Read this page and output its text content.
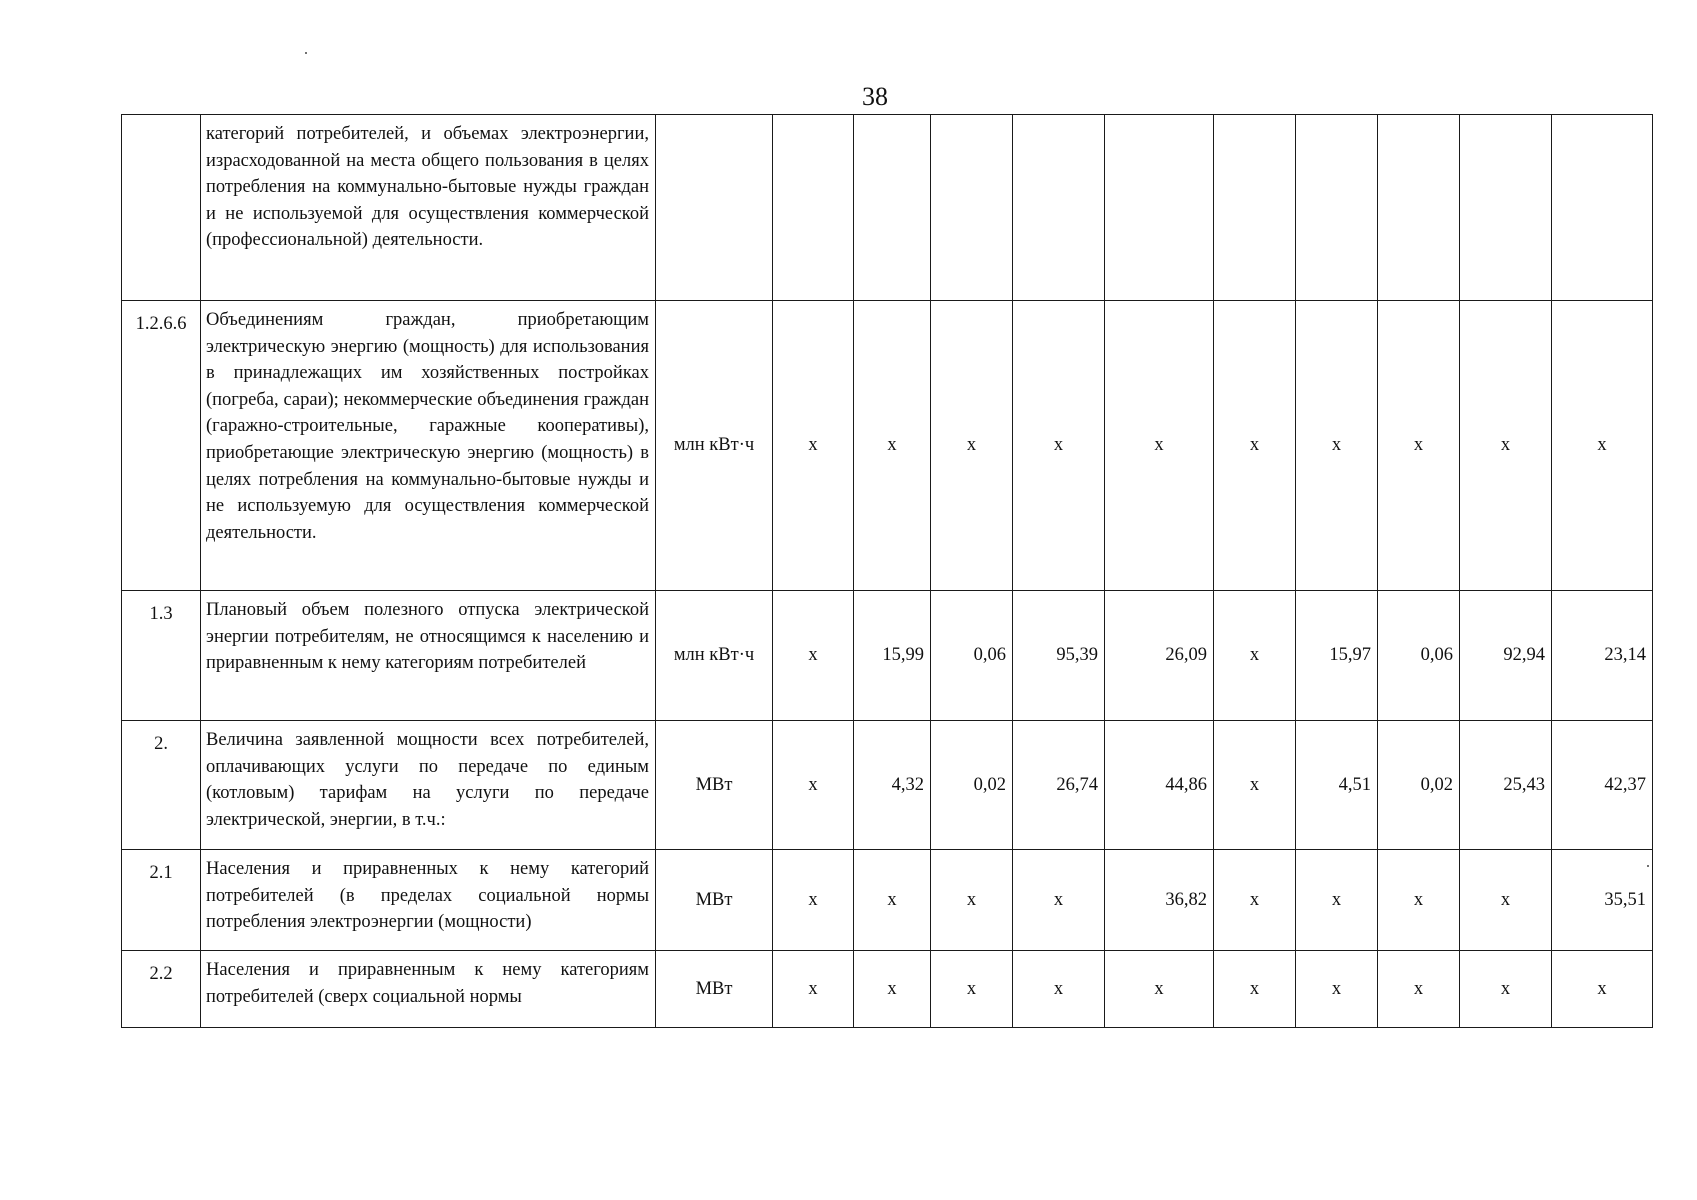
38

	категорий потребителей, и объемах электроэнергии, израсходованной на места общего пользования в целях потребления на коммунально-бытовые нужды граждан и не используемой для осуществления коммерческой (профессиональной) деятельности.											

1.2.6.6	Объединениям граждан, приобретающим электрическую энергию (мощность) для использования в принадлежащих им хозяйственных постройках (погреба, сараи); некоммерческие объединения граждан (гаражно-строительные, гаражные кооперативы), приобретающие электрическую энергию (мощность) в целях потребления на коммунально-бытовые нужды и не используемую для осуществления коммерческой деятельности.	млн кВт·ч	х	х	х	х	х	х	х	х	х	х
1.3	Плановый объем полезного отпуска электрической энергии потребителям, не относящимся к населению и приравненным к нему категориям потребителей	млн кВт·ч	х	15,99	0,06	95,39	26,09	х	15,97	0,06	92,94	23,14
2.	Величина заявленной мощности всех потребителей, оплачивающих услуги по передаче по единым (котловым) тарифам на услуги по передаче электрической, энергии, в т.ч.:	МВт	х	4,32	0,02	26,74	44,86	х	4,51	0,02	25,43	42,37
2.1	Населения и приравненных к нему категорий потребителей (в пределах социальной нормы потребления электроэнергии (мощности)	МВт	х	х	х	х	36,82	х	х	х	х	35,51
2.2	Населения и приравненным к нему категориям потребителей (сверх социальной нормы	МВт	х	х	х	х	х	х	х	х	х	х
